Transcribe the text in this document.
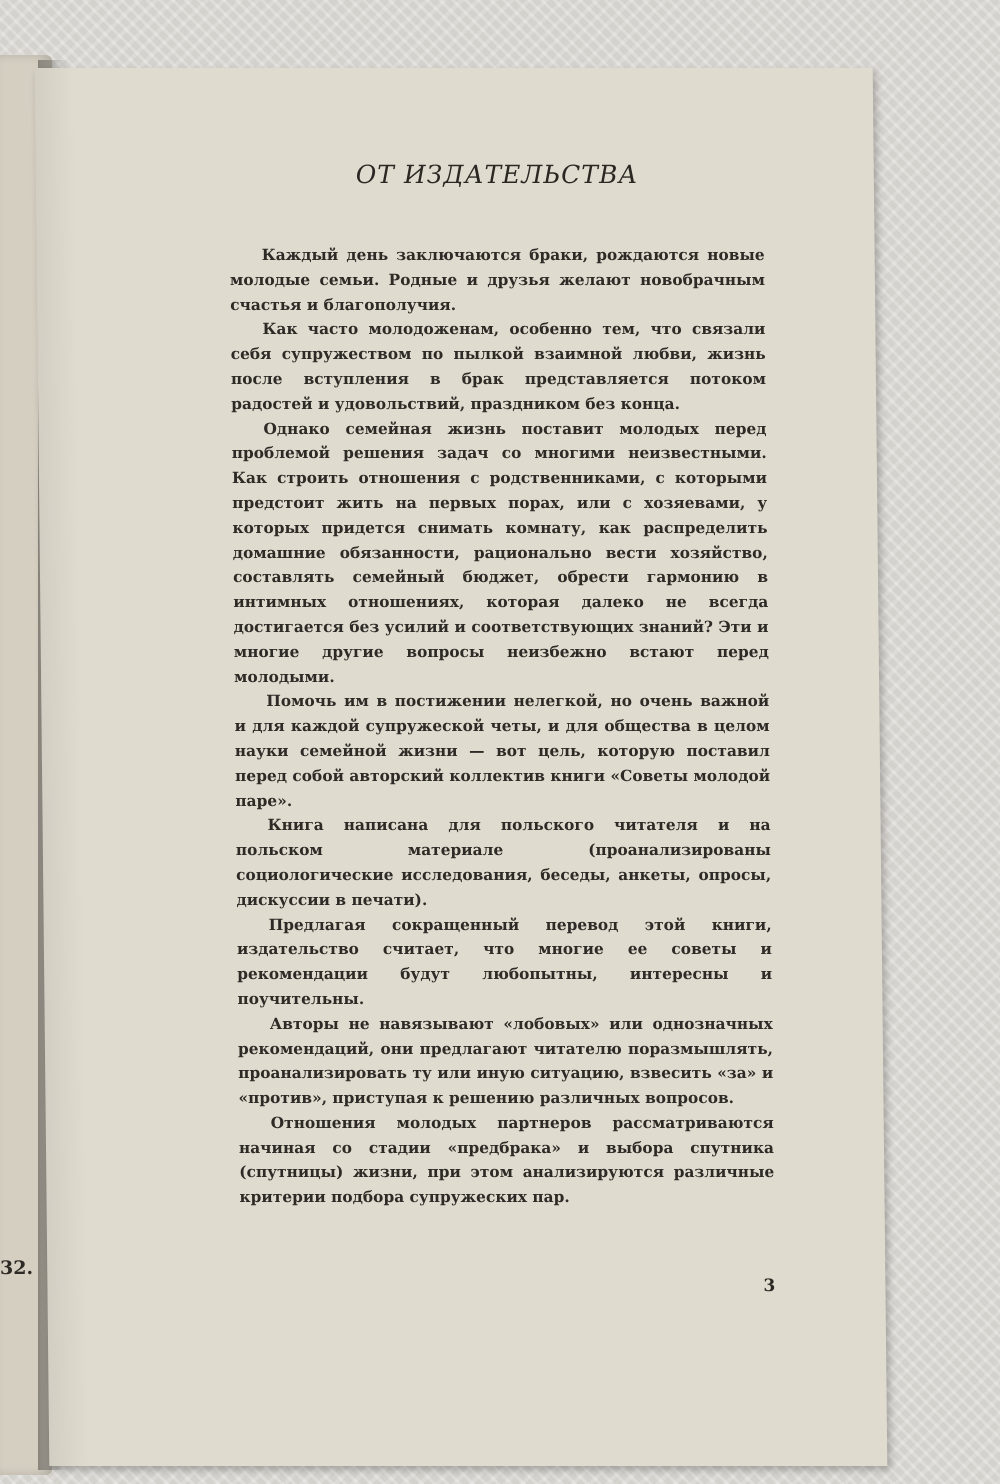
32.
ОТ ИЗДАТЕЛЬСТВА

Каждый день заключаются браки, рождаются новые молодые семьи. Родные и друзья желают новобрачным счастья и благополучия.

Как часто молодоженам, особенно тем, что связали себя супружеством по пылкой взаимной любви, жизнь после вступления в брак представляется потоком радостей и удовольствий, праздником без конца.

Однако семейная жизнь поставит молодых перед проблемой решения задач со многими неизвестными. Как строить отношения с родственниками, с которыми предстоит жить на первых порах, или с хозяевами, у которых придется снимать комнату, как распределить домашние обязанности, рационально вести хозяйство, составлять семейный бюджет, обрести гармонию в интимных отношениях, которая далеко не всегда достигается без усилий и соответствующих знаний? Эти и многие другие вопросы неизбежно встают перед молодыми.

Помочь им в постижении нелегкой, но очень важной и для каждой супружеской четы, и для общества в целом науки семейной жизни — вот цель, которую поставил перед собой авторский коллектив книги «Советы молодой паре».

Книга написана для польского читателя и на польском материале (проанализированы социологические исследования, беседы, анкеты, опросы, дискуссии в печати).

Предлагая сокращенный перевод этой книги, издательство считает, что многие ее советы и рекомендации будут любопытны, интересны и поучительны.

Авторы не навязывают «лобовых» или однозначных рекомендаций, они предлагают читателю поразмышлять, проанализировать ту или иную ситуацию, взвесить «за» и «против», приступая к решению различных вопросов.

Отношения молодых партнеров рассматриваются начиная со стадии «предбрака» и выбора спутника (спутницы) жизни, при этом анализируются различные критерии подбора супружеских пар.

3
